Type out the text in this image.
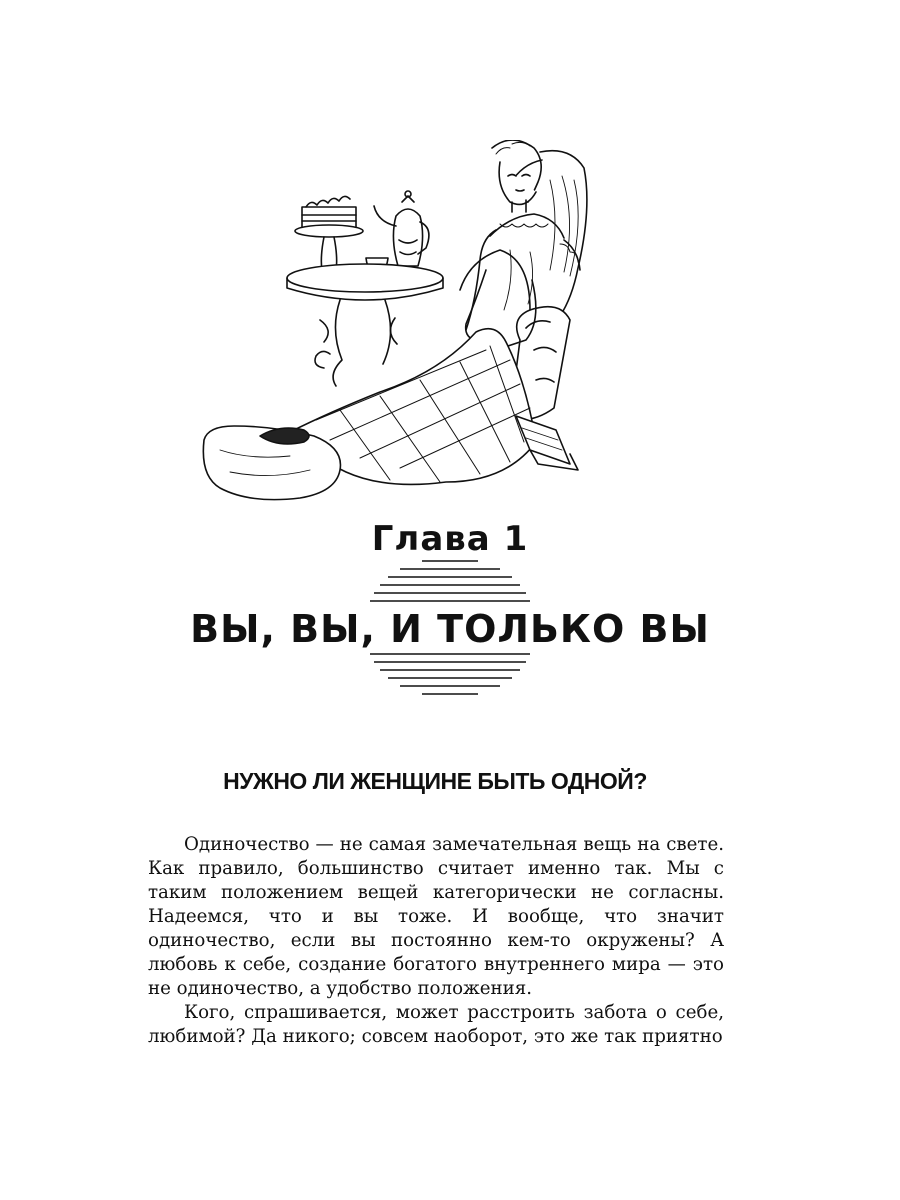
Глава 1
ВЫ, ВЫ, И ТОЛЬКО ВЫ
НУЖНО ЛИ ЖЕНЩИНЕ БЫТЬ ОДНОЙ?

Одиночество — не самая замечательная вещь на свете. Как правило, большинство считает именно так. Мы с таким положением вещей категорически не согласны. Надеемся, что и вы тоже. И вообще, что значит одиночество, если вы постоянно кем-то окружены? А любовь к себе, создание богатого внутреннего мира — это не одиночество, а удобство положения.

Кого, спрашивается, может расстроить забота о себе, любимой? Да никого; совсем наоборот, это же так приятно
